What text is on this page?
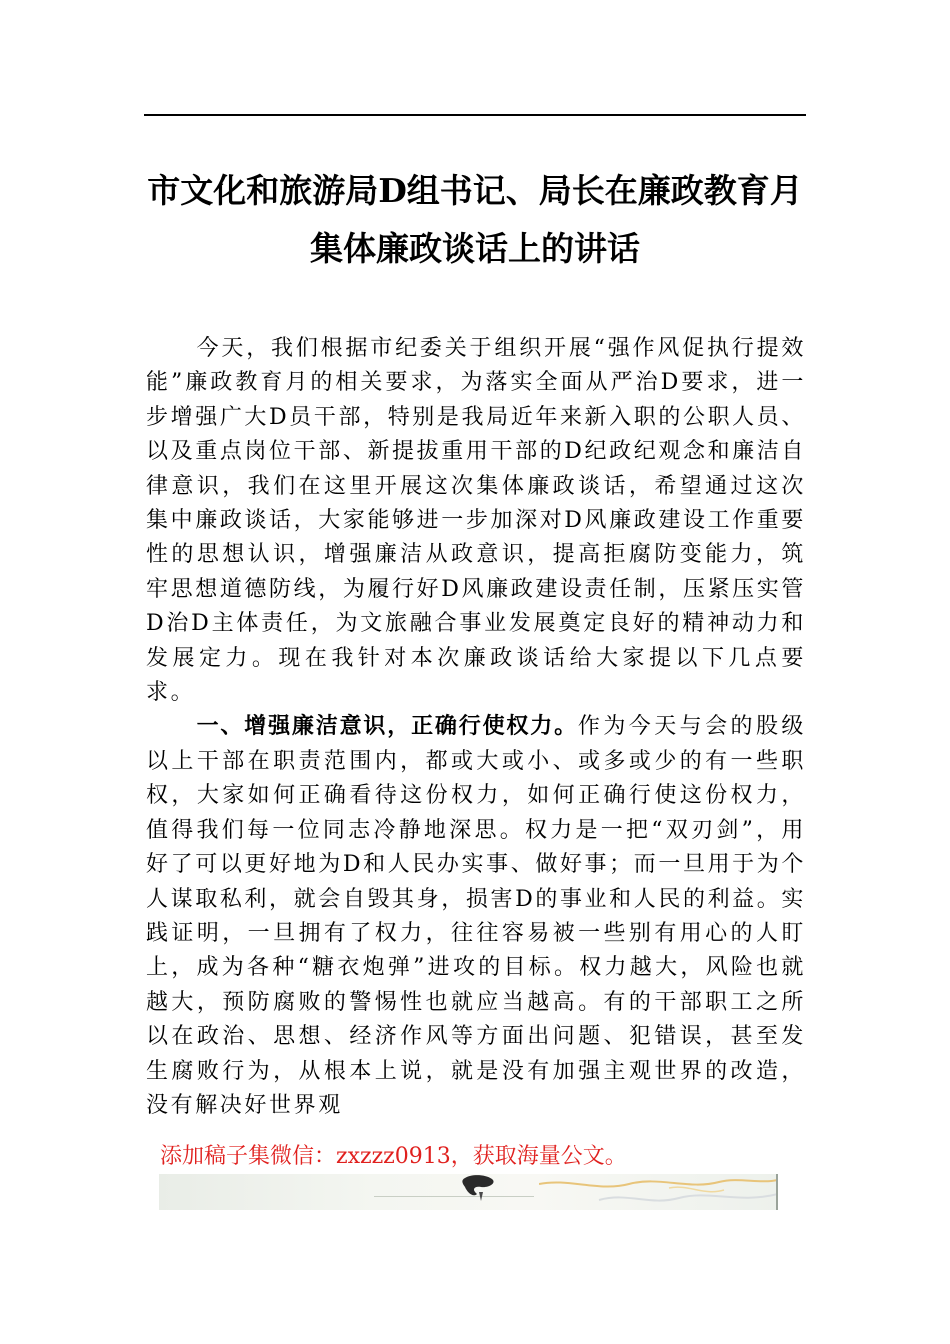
市文化和旅游局D组书记、局长在廉政教育月集体廉政谈话上的讲话

今天，我们根据市纪委关于组织开展“强作风促执行提效能”廉政教育月的相关要求，为落实全面从严治D要求，进一步增强广大D员干部，特别是我局近年来新入职的公职人员、以及重点岗位干部、新提拔重用干部的D纪政纪观念和廉洁自律意识，我们在这里开展这次集体廉政谈话，希望通过这次集中廉政谈话，大家能够进一步加深对D风廉政建设工作重要性的思想认识，增强廉洁从政意识，提高拒腐防变能力，筑牢思想道德防线，为履行好D风廉政建设责任制，压紧压实管D治D主体责任，为文旅融合事业发展奠定良好的精神动力和发展定力。现在我针对本次廉政谈话给大家提以下几点要求。

一、增强廉洁意识，正确行使权力。作为今天与会的股级以上干部在职责范围内，都或大或小、或多或少的有一些职权，大家如何正确看待这份权力，如何正确行使这份权力，值得我们每一位同志冷静地深思。权力是一把“双刃剑”，用好了可以更好地为D和人民办实事、做好事；而一旦用于为个人谋取私利，就会自毁其身，损害D的事业和人民的利益。实践证明，一旦拥有了权力，往往容易被一些别有用心的人盯上，成为各种“糖衣炮弹”进攻的目标。权力越大，风险也就越大，预防腐败的警惕性也就应当越高。有的干部职工之所以在政治、思想、经济作风等方面出问题、犯错误，甚至发生腐败行为，从根本上说，就是没有加强主观世界的改造，没有解决好世界观

添加稿子集微信：zxzzz0913，获取海量公文。
